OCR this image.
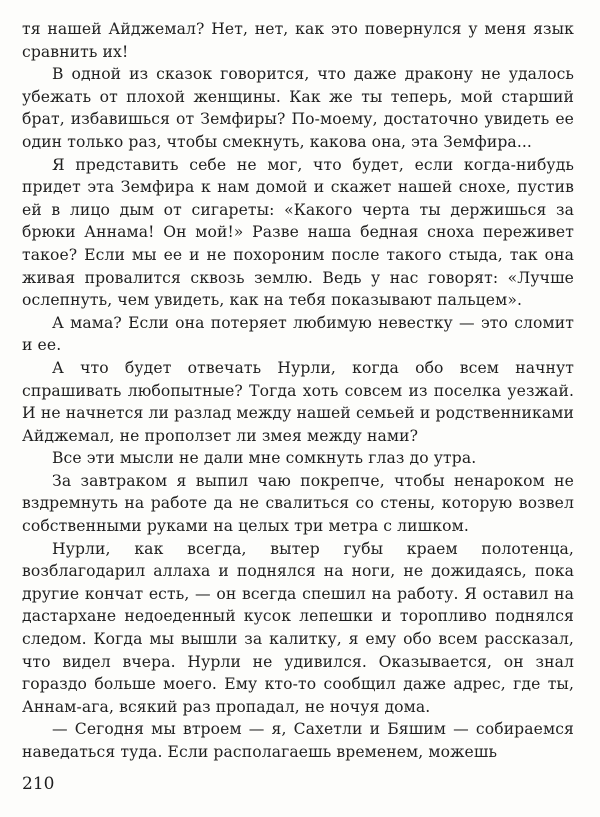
тя нашей Айджемал? Нет, нет, как это повернулся у меня язык сравнить их!

В одной из сказок говорится, что даже дракону не удалось убежать от плохой женщины. Как же ты теперь, мой старший брат, избавишься от Земфиры? По-моему, достаточно увидеть ее один только раз, чтобы смекнуть, какова она, эта Земфира...

Я представить себе не мог, что будет, если когда-нибудь придет эта Земфира к нам домой и скажет нашей снохе, пустив ей в лицо дым от сигареты: «Какого черта ты держишься за брюки Аннама! Он мой!» Разве наша бедная сноха переживет такое? Если мы ее и не похороним после такого стыда, так она живая провалится сквозь землю. Ведь у нас говорят: «Лучше ослепнуть, чем увидеть, как на тебя показывают пальцем».

А мама? Если она потеряет любимую невестку — это сломит и ее.

А что будет отвечать Нурли, когда обо всем начнут спрашивать любопытные? Тогда хоть совсем из поселка уезжай. И не начнется ли разлад между нашей семьей и родственниками Айджемал, не проползет ли змея между нами?

Все эти мысли не дали мне сомкнуть глаз до утра.

За завтраком я выпил чаю покрепче, чтобы ненароком не вздремнуть на работе да не свалиться со стены, которую возвел собственными руками на целых три метра с лишком.

Нурли, как всегда, вытер губы краем полотенца, возблагодарил аллаха и поднялся на ноги, не дожидаясь, пока другие кончат есть, — он всегда спешил на работу. Я оставил на дастархане недоеденный кусок лепешки и торопливо поднялся следом. Когда мы вышли за калитку, я ему обо всем рассказал, что видел вчера. Нурли не удивился. Оказывается, он знал гораздо больше моего. Ему кто-то сообщил даже адрес, где ты, Аннам-ага, всякий раз пропадал, не ночуя дома.

— Сегодня мы втроем — я, Сахетли и Бяшим — собираемся наведаться туда. Если располагаешь временем, можешь

210
